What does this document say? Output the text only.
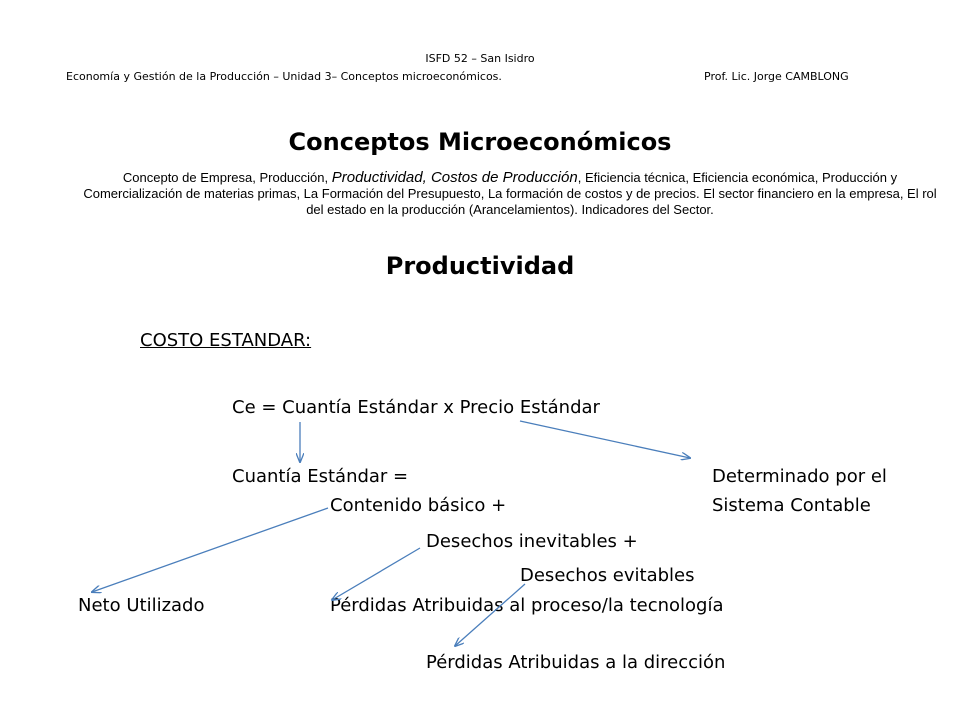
ISFD 52 – San Isidro
Economía y Gestión de la Producción – Unidad 3– Conceptos microeconómicos.	Prof. Lic. Jorge CAMBLONG
Conceptos Microeconómicos
Concepto de Empresa, Producción, Productividad, Costos de Producción, Eficiencia técnica, Eficiencia económica, Producción y Comercialización de materias primas, La Formación del Presupuesto, La formación de costos y de precios. El sector financiero en la empresa, El rol del estado en la producción (Arancelamientos). Indicadores del Sector.
Productividad
COSTO ESTANDAR:
Ce = Cuantía Estándar x Precio Estándar
Cuantía Estándar =	Determinado por el
Sistema Contable
Contenido básico +
Desechos inevitables +
Desechos evitables
Neto Utilizado	Pérdidas Atribuidas al proceso/la tecnología
Pérdidas Atribuidas a la dirección
